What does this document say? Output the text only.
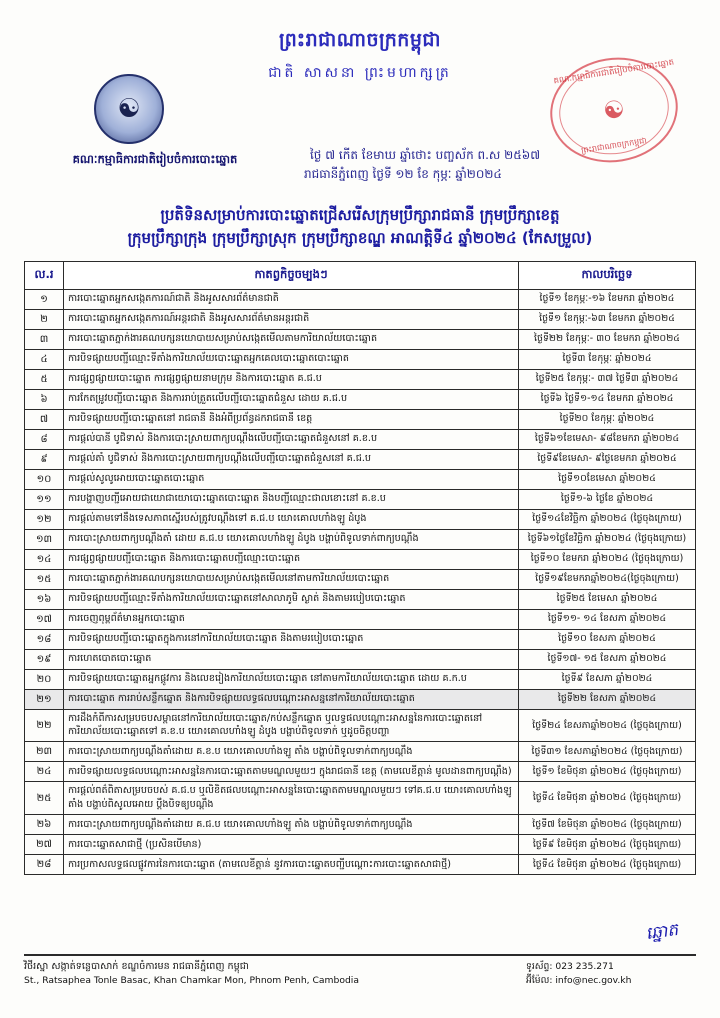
☯
ព្រះរាជាណាចក្រកម្ពុជា
ជាតិ សាសនា ព្រះមហាក្សត្រ
គណៈកម្មាធិការជាតិរៀបចំការបោះឆ្នោត
គណៈកម្មាធិការជាតិរៀបចំការបោះឆ្នោត
☯
ព្រះរាជាណាចក្រកម្ពុជា
ថ្ងៃ ៧ កើត ខែមាឃ ឆ្នាំថោះ បញ្ចស័ក ព.ស ២៥៦៧
រាជធានីភ្នំពេញ ថ្ងៃទី ១២ ខែ កុម្ភៈ ឆ្នាំ២០២៤
ប្រតិទិនសម្រាប់ការបោះឆ្នោតជ្រើសរើសក្រុមប្រឹក្សារាជធានី ក្រុមប្រឹក្សាខេត្ត
ក្រុមប្រឹក្សាក្រុង ក្រុមប្រឹក្សាស្រុក ក្រុមប្រឹក្សាខណ្ឌ អាណត្តិទី៤ ឆ្នាំ២០២៤ (កែសម្រួល)
ល.រ	កាតព្វកិច្ចចម្បងៗ	កាលបរិច្ឆេទ
១	ការបោះឆ្នោតអ្នកសង្កេតការណ៍ជាតិ និងអូសសារព័ត៌មានជាតិ	ថ្ងៃទី១ ខែកុម្ភៈ-១៦ ខែមករា ឆ្នាំ២០២៤
២	ការបោះឆ្នោតអ្នកសង្កេតការណ៍អន្តរជាតិ និងអូសសារព័ត៌មានអន្តរជាតិ	ថ្ងៃទី១ ខែកុម្ភៈ-៦៣ ខែមករា ឆ្នាំ២០២៤
៣	ការបោះឆ្នោតភ្នាក់ងារគណបក្សនយោបាយសម្រាប់សង្កេតមើលតាមការិយាល័យបោះឆ្នោត	ថ្ងៃទី២២ ខែកុម្ភៈ- ៣០ ខែមករា ឆ្នាំ២០២៤
៤	ការបិទផ្សាយបញ្ជីឈ្មោះទីតាំងការិយាល័យបោះឆ្នោតអ្នកគេលបោះឆ្នោតបោះឆ្នោត	ថ្ងៃទី៣ ខែកុម្ភៈ ឆ្នាំ២០២៤
៥	ការផ្សព្វផ្សាយបោះឆ្នោត ការផ្សព្វផ្សាយនាមក្រុម និងការបោះឆ្នោត គ.ជ.ប	ថ្ងៃទី២៥ ខែកុម្ភៈ- ៣៧ ថ្ងៃទី៣ ឆ្នាំ២០២៤
៦	ការកែតម្រូវបញ្ជីបោះឆ្នោត និងការរាប់ត្រួតលើបញ្ជីបោះឆ្នោតជំនួស ដោយ គ.ជ.ប	ថ្ងៃទី៦ ថ្ងៃទី១-១៤ ខែមករា ឆ្នាំ២០២៤
៧	ការបិទផ្សាយបញ្ជីបោះឆ្នោតនៅ រាជធានី និងអំពីប្រព័ន្ធដករាជធានី ខេត្ត	ថ្ងៃទី២០ ខែកុម្ភៈ ឆ្នាំ២០២៤
៨	ការផ្ដល់បានី បូជិទាស់ និងការបោះស្រាយពាក្យបណ្ដឹងលើបញ្ជីបោះឆ្នោតជំនួសនៅ គ.ខ.ប	ថ្ងៃទី៦១ខែមេសា- ៩៨ខែមករា ឆ្នាំ២០២៤
៩	ការផ្ដល់តាំ បូជិទាស់ និងការបោះស្រាយពាក្យបណ្ដឹងលើបញ្ជីបោះឆ្នោតជំនួសនៅ គ.ជ.ប	ថ្ងៃទី៩ខែមេសា- ៩ថ្ងៃខេមករា ឆ្នាំ២០២៤
១០	ការផ្ដល់សូលូអោយបោះឆ្នោតបោះឆ្នោត	ថ្ងៃទី១០ខែមេសា ឆ្នាំ២០២៤
១១	ការបង្ហាញបញ្ជីអោយជាយោជាយោបោះឆ្នោតបោះឆ្នោត និងបញ្ជីឈ្មោះជាលខោះនៅ គ.ខ.ប	ថ្ងៃទី១-៦ ថ្ងៃខែ ឆ្នាំ២០២៤
១២	ការផ្តល់តាមទៅនឹងទេសភាពស្នើរបស់ត្រូវបណ្ដឹងទៅ គ.ជ.ប យោ៖គោលហាំងឡូ ដំបូង	ថ្ងៃទី១៤ខែវិច្ឆិកា ឆ្នាំ២០២៤ (ថ្ងៃចុងក្រោយ)
១៣	ការបោះស្រាយពាក្យបណ្ដឹងតាំ ដោយ គ.ជ.ប យោ៖គោលហាំងឡូ ដំបូង បង្ហាប់ពិទូលទាក់ពាក្យបណ្ដឹង	ថ្ងៃទី៦១ថ្ងៃខែវិច្ឆិកា ឆ្នាំ២០២៤ (ថ្ងៃចុងក្រោយ)
១៤	ការផ្សព្វផ្សាយបញ្ជីបោះឆ្នោត និងការបោះឆ្នោតបញ្ជីឈ្មោះបោះឆ្នោត	ថ្ងៃទី១០ ខែមករា ឆ្នាំ២០២៤ (ថ្ងៃចុងក្រោយ)
១៥	ការបោះឆ្នោតភ្នាក់ងារគណបក្សនយោបាយសម្រាប់សង្កេតមើលនៅតាមការិយាល័យបោះឆ្នោត	ថ្ងៃទី១៩ខែមករាឆ្នាំ២០២៤(ថ្ងៃចុងក្រោយ)
១៦	ការបិទផ្សាយបញ្ជីឈ្មោះទីតាំងការិយាល័យបោះឆ្នោតនៅសាលាភូមិ ស្ងាត់ និងតាមរបៀបបោះឆ្នោត	ថ្ងៃទី២៥ ខែមេសា ឆ្នាំ២០២៤
១៧	ការចេញពុម្ពព័ត៌មានអ្នកបោះឆ្នោត	ថ្ងៃទី១១- ១៤ ខែសភា ឆ្នាំ២០២៤
១៨	ការបិទផ្សាយបញ្ជីបោះឆ្នោតក្នុងការនៅការិយាល័យបោះឆ្នោត និងតាមរបៀបបោះឆ្នោត	ថ្ងៃទី១០ ខែសភា ឆ្នាំ២០២៤
១៩	ការហេតបោតបោះឆ្នោត	ថ្ងៃទី១៧- ១៥ ខែសភា ឆ្នាំ២០២៤
២០	ការបិទផ្សាយបោះឆ្នោតអ្នកផ្ដូវការ និងលេខរៀងការិយាល័យបោះឆ្នោត នៅតាមការិយាល័យបោះឆ្នោត ដោយ គ.ក.ប	ថ្ងៃទី៩ ខែសភា ឆ្នាំ២០២៤
២១	ការបោះឆ្នោត ការរាប់សន្លឹកឆ្នោត និងការបិទផ្សាយលទ្ធផលបណ្ដោះអាសន្ននៅការិយាល័យបោះឆ្នោត	ថ្ងៃទី២២ ខែសភា ឆ្នាំ២០២៤
២២	ការដឹងកំពីការសម្របចបសម្ពាធនៅការិយាល័យបោះឆ្នោត/កប់សន្លឹកឆ្នោត ឬលទ្ធផលបណ្ដោះអាសន្ននៃការបោះឆ្នោតនៅការិយាល័យបោះឆ្នោតទៅ គ.ខ.ប យោ៖គោលហាំងឡូ ដំបូង បង្ហាប់ពិទូលទាក់ ឬដូចចិត្តបញ្ហា	ថ្ងៃទី២៤ ខែសភាឆ្នាំ២០២៤ (ថ្ងៃចុងក្រោយ)
២៣	ការបោះស្រាយពាក្យបណ្ដឹងតាំដោយ គ.ខ.ប យោ៖គោលហាំងឡូ តាំង បង្ហាប់ពិទូលទាក់ពាក្យបណ្ដឹង	ថ្ងៃទី៣១ ខែសភាឆ្នាំ២០២៤ (ថ្ងៃចុងក្រោយ)
២៤	ការបិទផ្សាយលទ្ធផលបណ្ដោះអាសន្ននៃការបោះឆ្នោតតាមមណ្ឌលមួយៗ ក្នុងរាជធានី ខេត្ត (តាមលេខីត្គាន់ មូលដានពាក្យបណ្ដឹង)	ថ្ងៃទី១ ខែមិថុនា ឆ្នាំ២០២៤ (ថ្ងៃចុងក្រោយ)
២៥	ការផ្ដល់ពត៌ពិតាសម្របចបស់ គ.ជ.ប ឬលិខិតផលបណ្ដោះអាសន្ននៃបោះឆ្នោតតាមមណ្ឌលមួយៗ ទៅគ.ជ.ប យោ៖គោលហាំងឡូ តាំង បង្ហាប់ពិសូលអោយ ប្ដឹងបិទឲ្យបណ្ដឹង	ថ្ងៃទី៤ ខែមិថុនា ឆ្នាំ២០២៤ (ថ្ងៃចុងក្រោយ)
២៦	ការបោះស្រាយពាក្យបណ្ដឹងតាំដោយ គ.ជ.ប យោ៖គោលហាំងឡូ តាំង បង្ហាប់ពិទូលទាក់ពាក្យបណ្ដឹង	ថ្ងៃទី៧ ខែមិថុនា ឆ្នាំ២០២៤ (ថ្ងៃចុងក្រោយ)
២៧	ការបោះឆ្នោតសាជាថ្មី (ប្រសិនបើមាន)	ថ្ងៃទី៩ ខែមិថុនា ឆ្នាំ២០២៤ (ថ្ងៃចុងក្រោយ)
២៨	ការប្រកាសលទ្ធផលផ្លូវការនៃការបោះឆ្នោត (តាមលេខីត្គាន់ នូវការបោះឆ្នោតបញ្ជីបណ្ដោះការបោះឆ្នោតសាជាថ្មី)	ថ្ងៃទី៤ ខែមិថុនា ឆ្នាំ២០២៤ (ថ្ងៃចុងក្រោយ)
ឆ្នោត
វិថីរស្នា សង្កាត់ទន្លេបាសាក់ ខណ្ឌចំការមន រាជធានីភ្នំពេញ កម្ពុជា
St., Ratsaphea Tonle Basac, Khan Chamkar Mon, Phnom Penh, Cambodia
ទូរស័ព្ទ: 023 235.271
អ៊ីម៉ែល: info@nec.gov.kh
